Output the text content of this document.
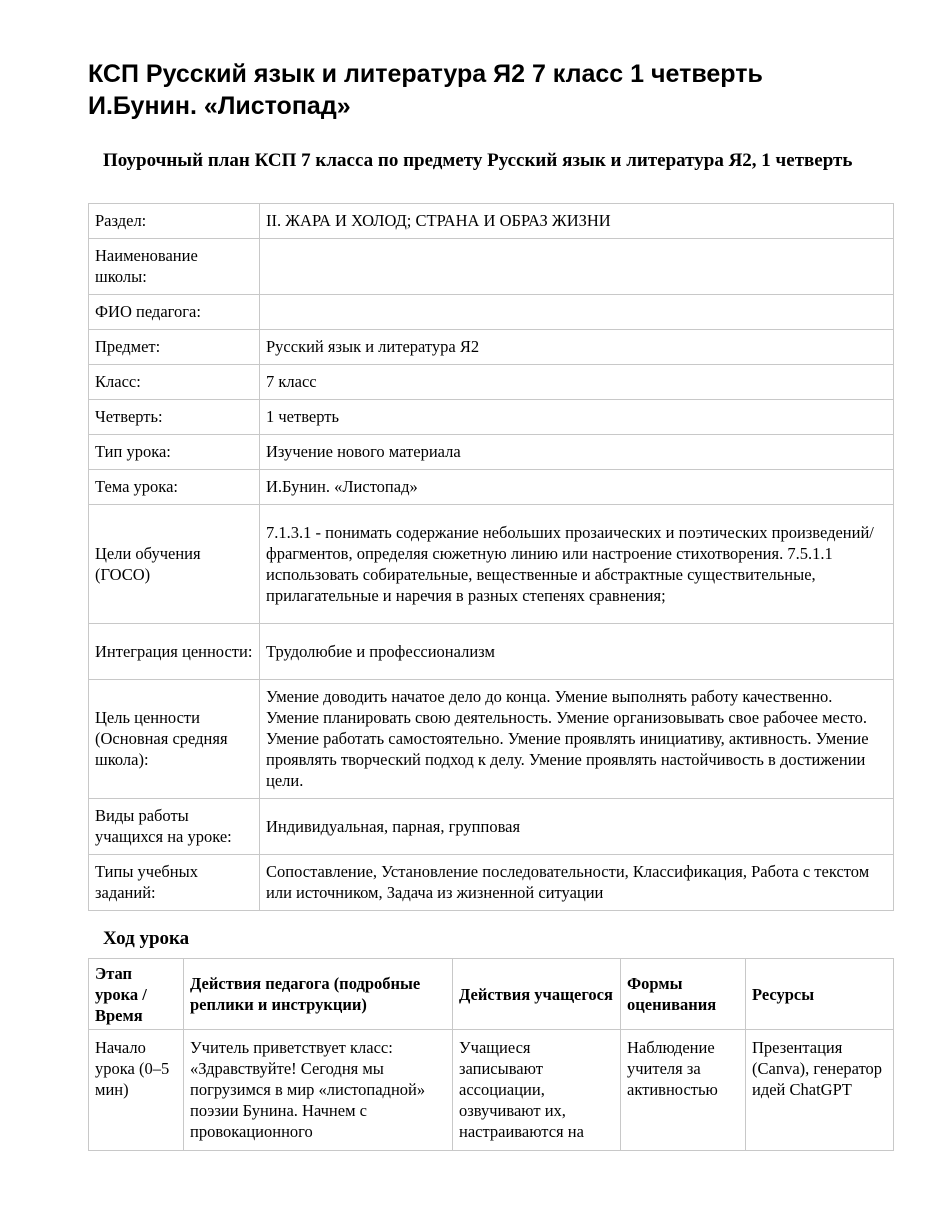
КСП Русский язык и литература Я2 7 класс 1 четверть
И.Бунин. «Листопад»
Поурочный план КСП 7 класса по предмету Русский язык и литература Я2, 1 четверть
Раздел:	II. ЖАРА И ХОЛОД; СТРАНА И ОБРАЗ ЖИЗНИ
Наименование школы:	
ФИО педагога:	
Предмет:	Русский язык и литература Я2
Класс:	7 класс
Четверть:	1 четверть
Тип урока:	Изучение нового материала
Тема урока:	И.Бунин. «Листопад»
Цели обучения (ГОСО)	7.1.3.1 - понимать содержание небольших прозаических и поэтических произведений/ фрагментов, определяя сюжетную линию или настроение стихотворения. 7.5.1.1 использовать собирательные, вещественные и абстрактные существительные, прилагательные и наречия в разных степенях сравнения;
Интеграция ценности:	Трудолюбие и профессионализм
Цель ценности (Основная средняя школа):	Умение доводить начатое дело до конца. Умение выполнять работу качественно. Умение планировать свою деятельность. Умение организовывать свое рабочее место. Умение работать самостоятельно. Умение проявлять инициативу, активность. Умение проявлять творческий подход к делу. Умение проявлять настойчивость в достижении цели.
Виды работы учащихся на уроке:	Индивидуальная, парная, групповая
Типы учебных заданий:	Сопоставление, Установление последовательности, Классификация, Работа с текстом или источником, Задача из жизненной ситуации
Ход урока
Этап урока / Время	Действия педагога (подробные реплики и инструкции)	Действия учащегося	Формы оценивания	Ресурсы
Начало урока (0–5 мин)	Учитель приветствует класс: «Здравствуйте! Сегодня мы погрузимся в мир «листопадной» поэзии Бунина. Начнем с провокационного	Учащиеся записывают ассоциации, озвучивают их, настраиваются на	Наблюдение учителя за активностью	Презентация (Canva), генератор идей ChatGPT
